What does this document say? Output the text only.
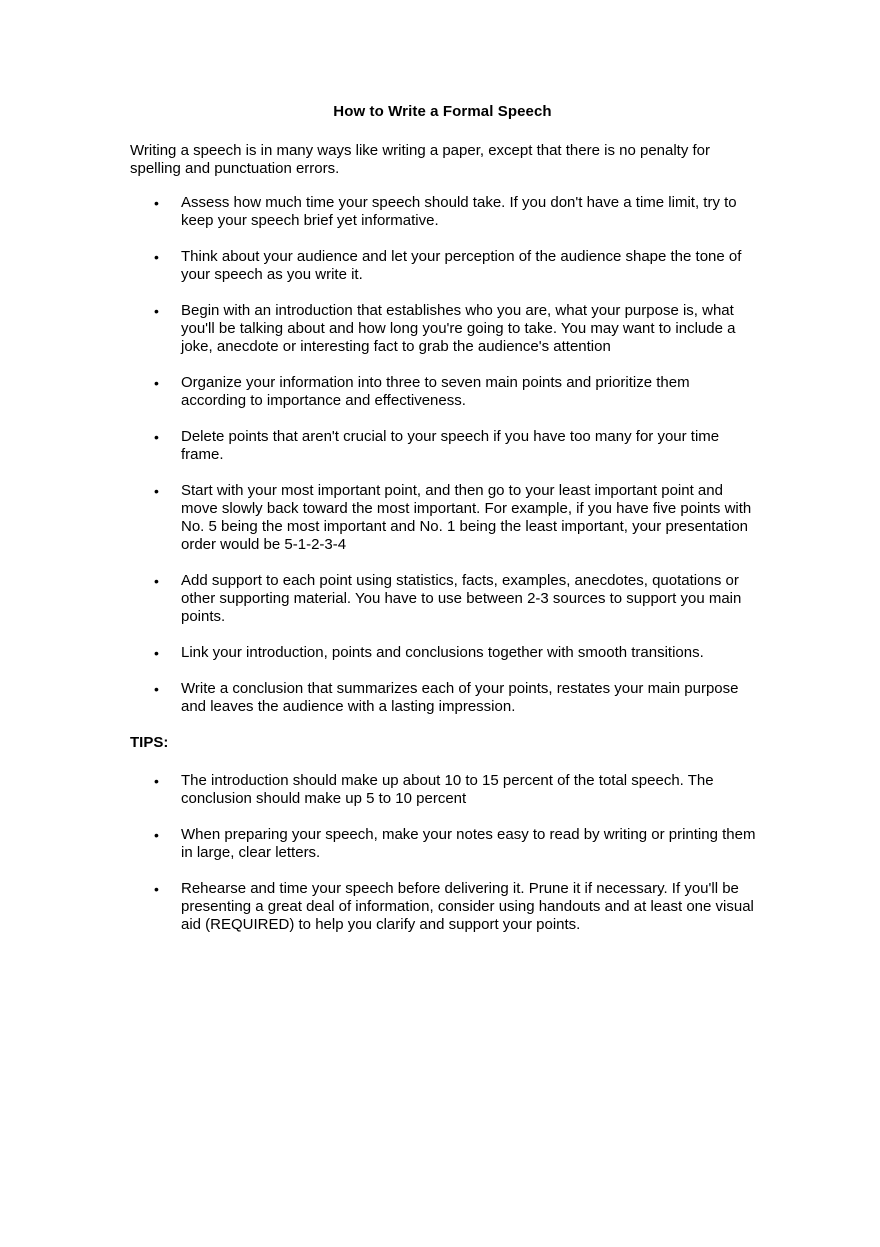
How to Write a Formal Speech

Writing a speech is in many ways like writing a paper, except that there is no penalty for spelling and punctuation errors.

• Assess how much time your speech should take. If you don't have a time limit, try to keep your speech brief yet informative.
• Think about your audience and let your perception of the audience shape the tone of your speech as you write it.
• Begin with an introduction that establishes who you are, what your purpose is, what you'll be talking about and how long you're going to take. You may want to include a joke, anecdote or interesting fact to grab the audience's attention
• Organize your information into three to seven main points and prioritize them according to importance and effectiveness.
• Delete points that aren't crucial to your speech if you have too many for your time frame.
• Start with your most important point, and then go to your least important point and move slowly back toward the most important. For example, if you have five points with No. 5 being the most important and No. 1 being the least important, your presentation order would be 5-1-2-3-4
• Add support to each point using statistics, facts, examples, anecdotes, quotations or other supporting material. You have to use between 2-3 sources to support you main points.
• Link your introduction, points and conclusions together with smooth transitions.
• Write a conclusion that summarizes each of your points, restates your main purpose and leaves the audience with a lasting impression.
TIPS:
• The introduction should make up about 10 to 15 percent of the total speech. The conclusion should make up 5 to 10 percent
• When preparing your speech, make your notes easy to read by writing or printing them in large, clear letters.
• Rehearse and time your speech before delivering it. Prune it if necessary. If you'll be presenting a great deal of information, consider using handouts and at least one visual aid (REQUIRED) to help you clarify and support your points.
